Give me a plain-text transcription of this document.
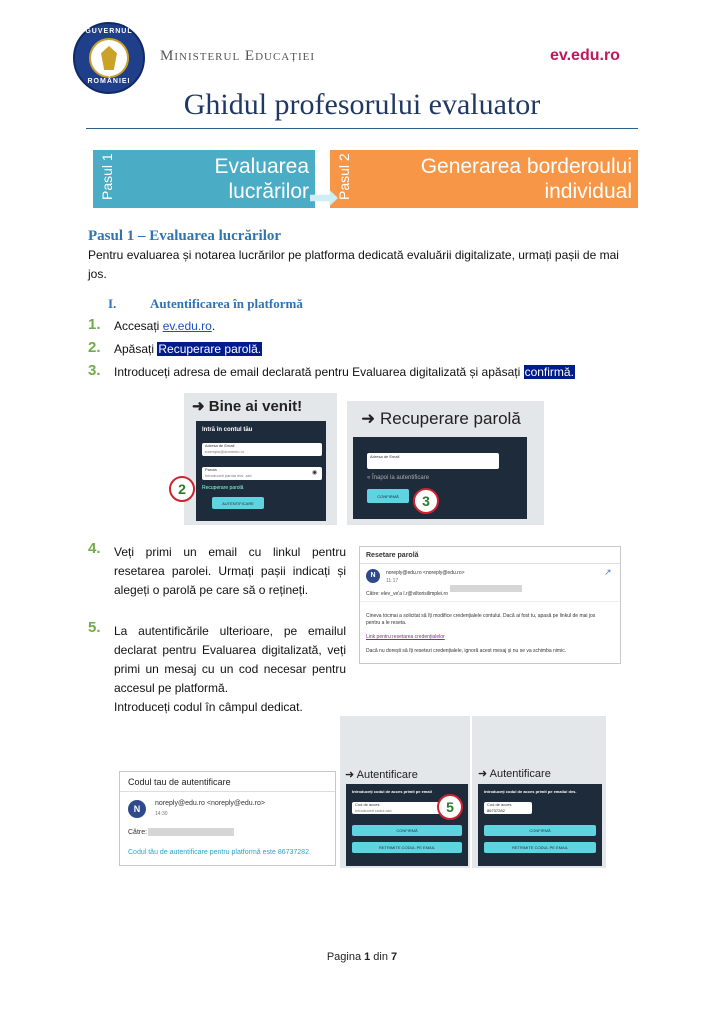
GUVERNUL
ROMÂNIEI
Ministerul Educației	ev.edu.ro
Ghidul profesorului evaluator
Pasul 1	Evaluarea
lucrărilor Pasul 2	Generarea borderoului
individual
Pasul 1 – Evaluarea lucrărilor
Pentru evaluarea și notarea lucrărilor pe platforma dedicată evaluării digitalizate, urmați pașii de mai
jos.
I.	Autentificarea în platformă
1. Accesați ev.edu.ro.
2. Apăsați Recuperare parolă.
3. Introduceți adresa de email declarată pentru Evaluarea digitalizată și apăsați confirmă.
➜ Bine ai venit!
Intră în contul tău
Adresa de Email
exemplu@domeniu.ro
Parola
Introduceți parola dvs. aici	◉
Recuperare parolă
AUTENTIFICARE
2
➜ Recuperare parolă
Adresa de Email
« Înapoi la autentificare
CONFIRMĂ	3
4. Veți primi un email cu linkul pentru
resetarea parolei. Urmați pașii indicați și
alegeți o parolă pe care să o rețineți.
Resetare parolă
N	noreply@edu.ro <noreply@edu.ro>
11:17
↗
Către: elev_ve'a l.r@viltorisilimplei.ro
Cineva tocmai a solicitat să îți modifice credențialele contului. Dacă ai fost tu, apasă pe linkul de mai jos
pentru a le reseta.
Link pentru resetarea credențialelor
Dacă nu dorești să îți resetezi credențialele, ignoră acest mesaj și nu se va schimba nimic.
5. La autentificările ulterioare, pe emailul
declarat pentru Evaluarea digitalizată, veți
primi un mesaj cu un cod necesar pentru
accesul pe platformă.
Introduceți codul în câmpul dedicat.
Codul tau de autentificare
N
noreply@edu.ro <noreply@edu.ro>
14:30
Către:
Codul tău de autentificare pentru platformă este 86737282
➜ Autentificare
Introduceți codul de acces primit pe email
Cod de acces
Introduceți codul aici
CONFIRMĂ
RETRIMITE CODUL PE EMAIL
5
➜ Autentificare
Introduceți codul de acces primit pe emailul dvs.
Cod de acces
86737282
CONFIRMĂ
RETRIMITE CODUL PE EMAIL
Pagina 1 din 7
